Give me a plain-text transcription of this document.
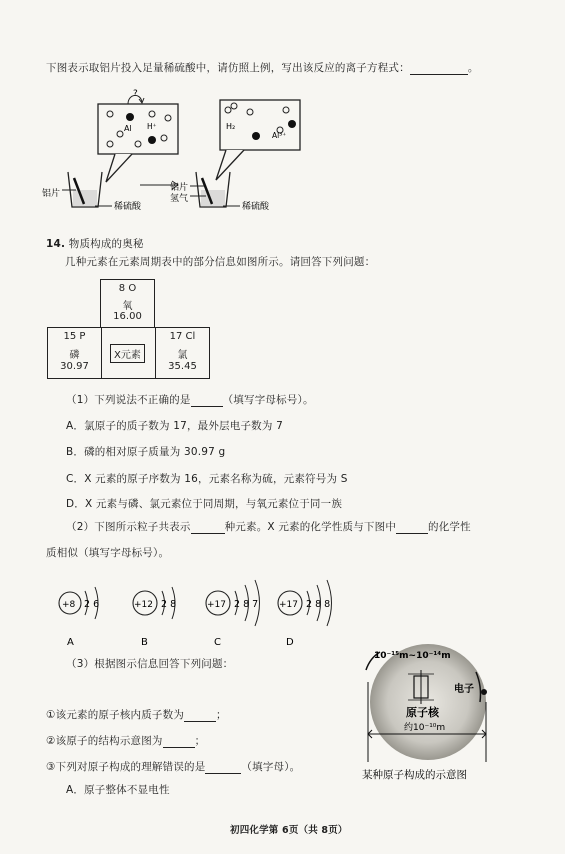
下图表示取铝片投入足量稀硫酸中，请仿照上例，写出该反应的离子方程式：	。
?
Al H⁺
铝片
稀硫酸
H₂
Al³⁺
铝片
氢气
稀硫酸
14. 物质构成的奥秘
几种元素在元素周期表中的部分信息如图所示。请回答下列问题：
8 O
氧
16.00
15 P
磷
30.97
X元素
17 Cl
氯
35.45
（1）下列说法不正确的是	（填写字母标号）。
A．氯原子的质子数为 17，最外层电子数为 7
B．磷的相对原子质量为 30.97 g
C．X 元素的原子序数为 16，元素名称为硫，元素符号为 S
D．X 元素与磷、氯元素位于同周期，与氧元素位于同一族
（2）下图所示粒子共表示	种元素。X 元素的化学性质与下图中	的化学性
质相似（填写字母标号）。
+8 2 6
A
+12 2 8
B
+17 2 8 7
C
+17 2 8 8
D
（3）根据图示信息回答下列问题：
①该元素的原子核内质子数为	；
②该原子的结构示意图为	；
③下列对原子构成的理解错误的是	（填字母）。
A．原子整体不显电性
10⁻¹⁵m~10⁻¹⁴m
电子
原子核
约10⁻¹⁰m
某种原子构成的示意图
初四化学第 6页（共 8页）
